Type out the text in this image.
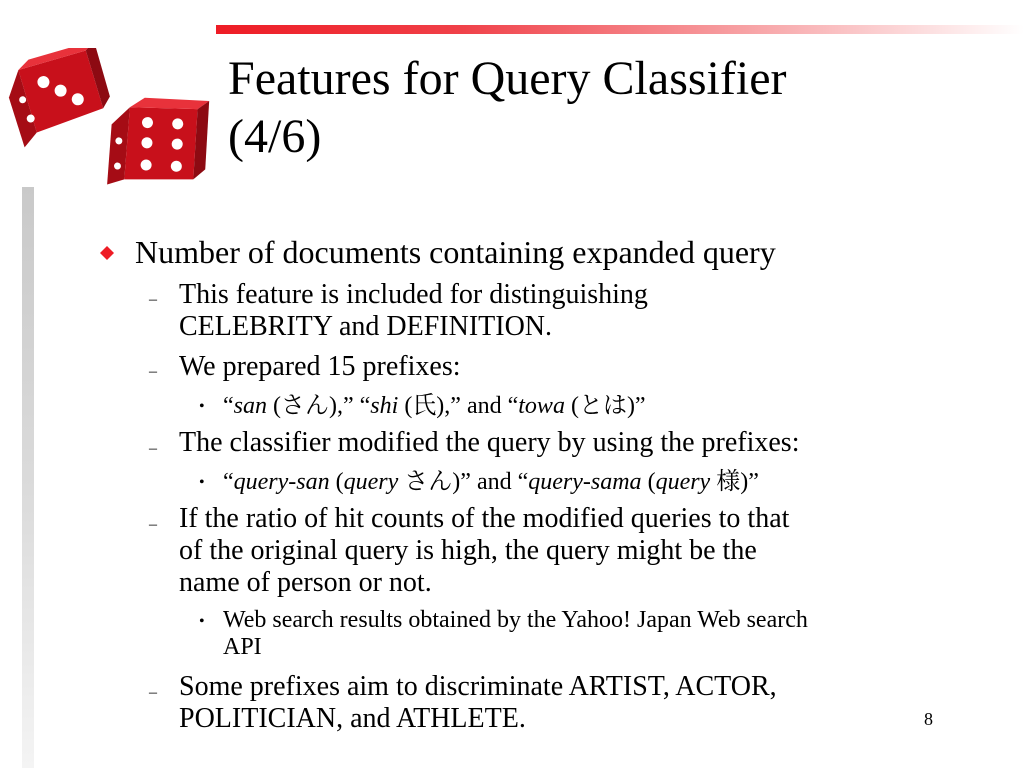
Features for Query Classifier
(4/6)
Number of documents containing expanded query
– This feature is included for distinguishing
CELEBRITY and DEFINITION.
– We prepared 15 prefixes:
• “san (さん),” “shi (氏),” and “towa (とは)”
– The classifier modified the query by using the prefixes:
• “query-san (query さん)” and “query-sama (query 様)”
– If the ratio of hit counts of the modified queries to that
of the original query is high, the query might be the
name of person or not.
• Web search results obtained by the Yahoo! Japan Web search
API
– Some prefixes aim to discriminate ARTIST, ACTOR,
POLITICIAN, and ATHLETE.	8
